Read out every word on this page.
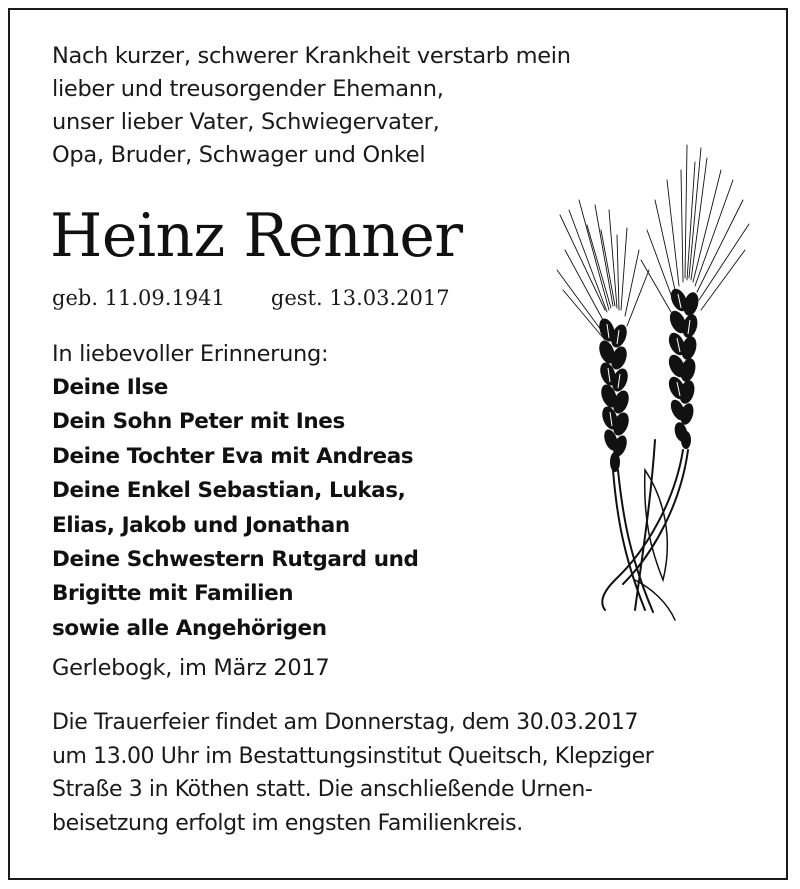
Nach kurzer, schwerer Krankheit verstarb mein
lieber und treusorgender Ehemann,
unser lieber Vater, Schwiegervater,
Opa, Bruder, Schwager und Onkel
Heinz Renner
geb. 11.09.1941 gest. 13.03.2017
In liebevoller Erinnerung:
Deine Ilse
Dein Sohn Peter mit Ines
Deine Tochter Eva mit Andreas
Deine Enkel Sebastian, Lukas,
Elias, Jakob und Jonathan
Deine Schwestern Rutgard und
Brigitte mit Familien
sowie alle Angehörigen
Gerlebogk, im März 2017
Die Trauerfeier findet am Donnerstag, dem 30.03.2017
um 13.00 Uhr im Bestattungsinstitut Queitsch, Klepziger
Straße 3 in Köthen statt. Die anschließende Urnen-
beisetzung erfolgt im engsten Familienkreis.
